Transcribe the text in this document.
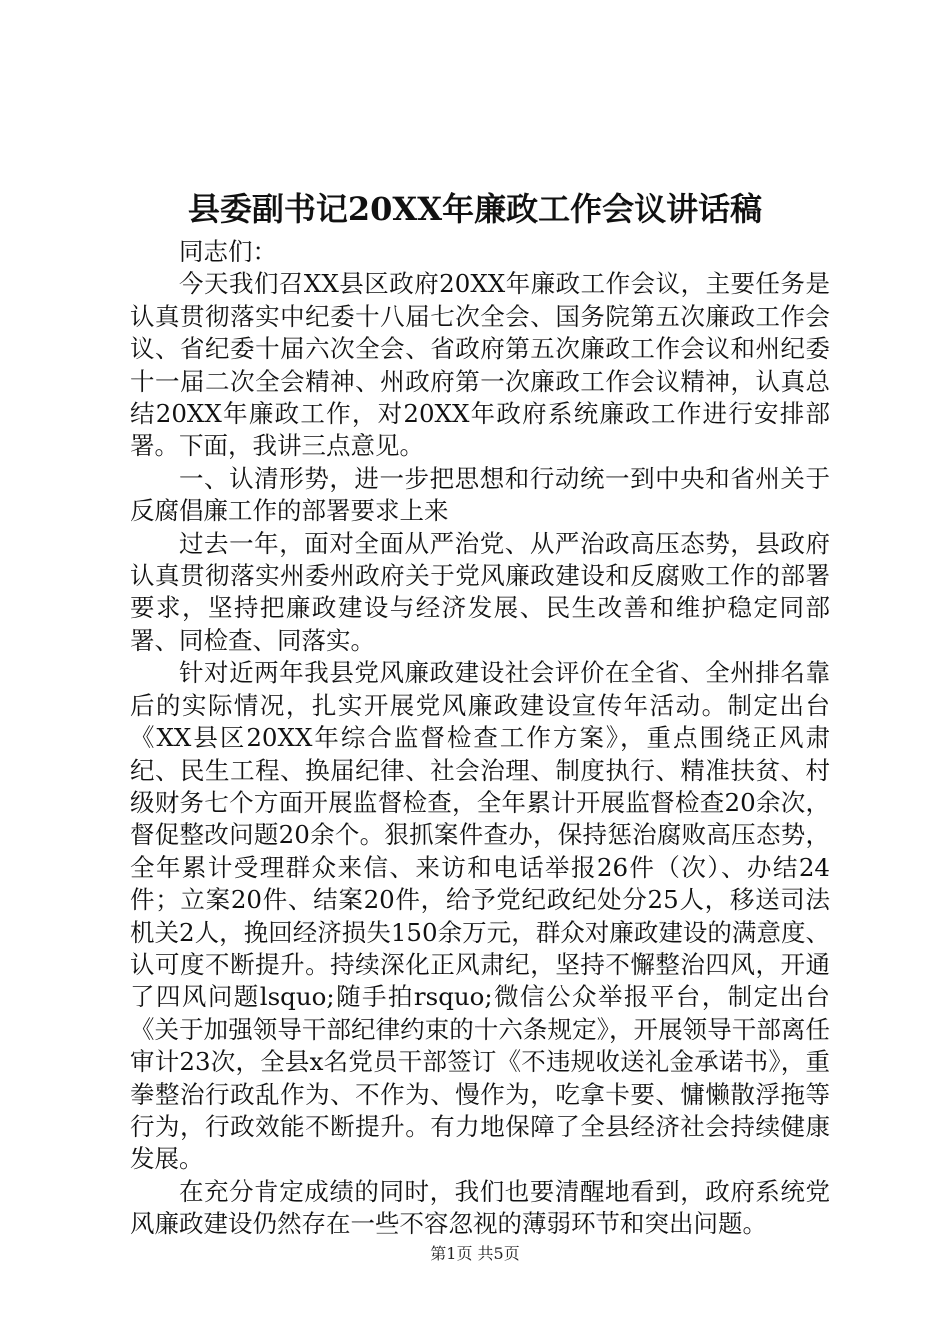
县委副书记20XX年廉政工作会议讲话稿

同志们：

今天我们召XX县区政府20XX年廉政工作会议，主要任务是认真贯彻落实中纪委十八届七次全会、国务院第五次廉政工作会议、省纪委十届六次全会、省政府第五次廉政工作会议和州纪委十一届二次全会精神、州政府第一次廉政工作会议精神，认真总结20XX年廉政工作，对20XX年政府系统廉政工作进行安排部署。下面，我讲三点意见。

一、认清形势，进一步把思想和行动统一到中央和省州关于反腐倡廉工作的部署要求上来

过去一年，面对全面从严治党、从严治政高压态势，县政府认真贯彻落实州委州政府关于党风廉政建设和反腐败工作的部署要求，坚持把廉政建设与经济发展、民生改善和维护稳定同部署、同检查、同落实。

针对近两年我县党风廉政建设社会评价在全省、全州排名靠后的实际情况，扎实开展党风廉政建设宣传年活动。制定出台《XX县区20XX年综合监督检查工作方案》，重点围绕正风肃纪、民生工程、换届纪律、社会治理、制度执行、精准扶贫、村级财务七个方面开展监督检查，全年累计开展监督检查20余次，督促整改问题20余个。狠抓案件查办，保持惩治腐败高压态势，全年累计受理群众来信、来访和电话举报26件（次）、办结24件；立案20件、结案20件，给予党纪政纪处分25人，移送司法机关2人，挽回经济损失150余万元，群众对廉政建设的满意度、认可度不断提升。持续深化正风肃纪，坚持不懈整治四风，开通了四风问题lsquo;随手拍rsquo;微信公众举报平台，制定出台《关于加强领导干部纪律约束的十六条规定》，开展领导干部离任审计23次，全县x名党员干部签订《不违规收送礼金承诺书》，重拳整治行政乱作为、不作为、慢作为，吃拿卡要、慵懒散浮拖等行为，行政效能不断提升。有力地保障了全县经济社会持续健康发展。

在充分肯定成绩的同时，我们也要清醒地看到，政府系统党风廉政建设仍然存在一些不容忽视的薄弱环节和突出问题。

第1页 共5页
